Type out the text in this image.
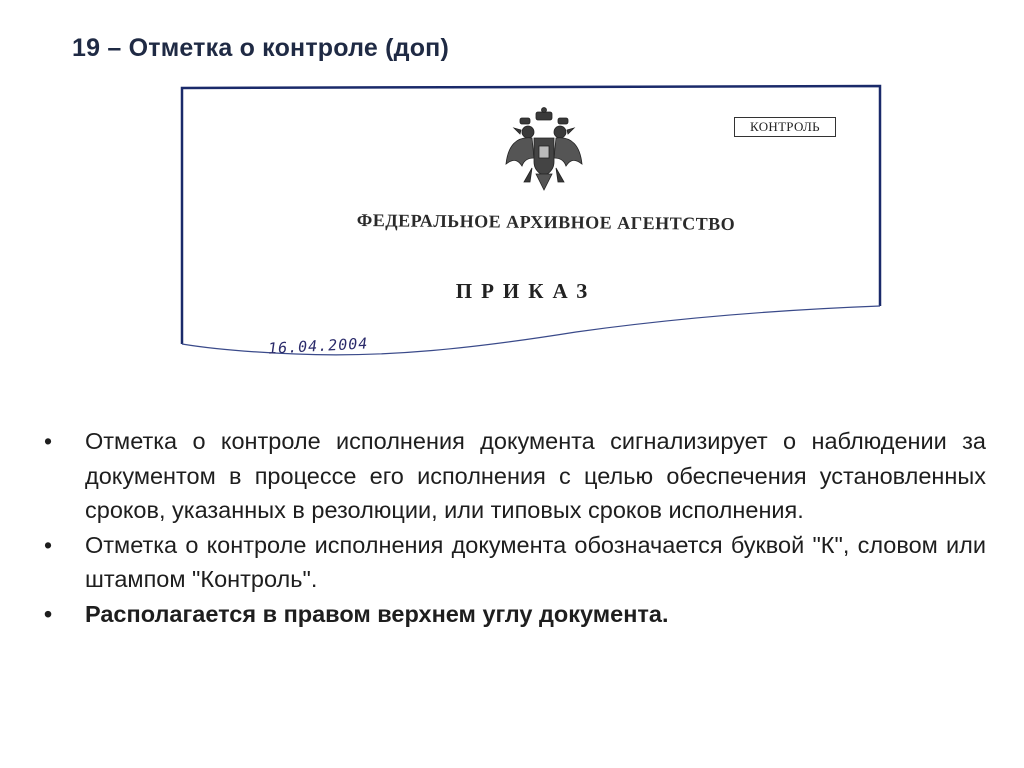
19 – Отметка о контроле (доп)
КОНТРОЛЬ
ФЕДЕРАЛЬНОЕ АРХИВНОЕ АГЕНТСТВО
ПРИКАЗ
16.04.2004
• Отметка о контроле исполнения документа сигнализирует о наблюдении за документом в процессе его исполнения с целью обеспечения установленных сроков, указанных в резолюции, или типовых сроков исполнения.
• Отметка о контроле исполнения документа обозначается буквой "К", словом или штампом "Контроль".
• Располагается в правом верхнем углу документа.
